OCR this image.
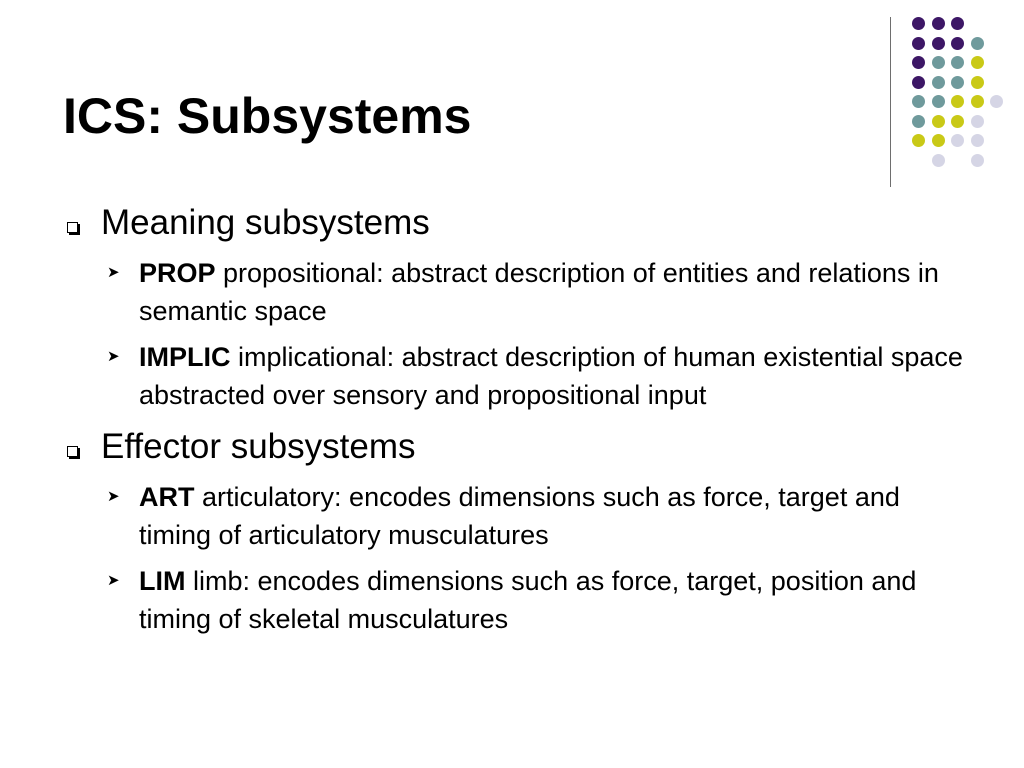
ICS: Subsystems
Meaning subsystems
➤ PROP propositional: abstract description of entities and relations in semantic space
➤ IMPLIC implicational: abstract description of human existential space abstracted over sensory and propositional input
Effector subsystems
➤ ART articulatory: encodes dimensions such as force, target and timing of articulatory musculatures
➤ LIM limb: encodes dimensions such as force, target, position and timing of skeletal musculatures
